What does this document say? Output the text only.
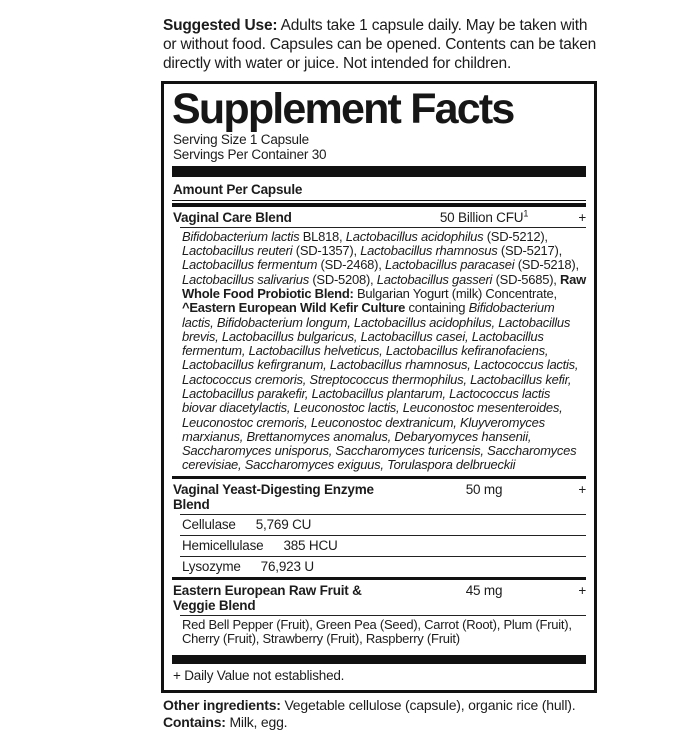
Suggested Use: Adults take 1 capsule daily. May be taken with or without food. Capsules can be opened. Contents can be taken directly with water or juice. Not intended for children.

Supplement Facts
Serving Size 1 Capsule
Servings Per Container 30
Amount Per Capsule
Vaginal Care Blend	50 Billion $CFU^1$	+
Bifidobacterium lactis BL818, Lactobacillus acidophilus (SD-5212), Lactobacillus reuteri (SD-1357), Lactobacillus rhamnosus (SD-5217), Lactobacillus fermentum (SD-2468), Lactobacillus paracasei (SD-5218), Lactobacillus salivarius (SD-5208), Lactobacillus gasseri (SD-5685), Raw Whole Food Probiotic Blend: Bulgarian Yogurt (milk) Concentrate, ^Eastern European Wild Kefir Culture containing Bifidobacterium lactis, Bifidobacterium longum, Lactobacillus acidophilus, Lactobacillus brevis, Lactobacillus bulgaricus, Lactobacillus casei, Lactobacillus fermentum, Lactobacillus helveticus, Lactobacillus kefiranofaciens, Lactobacillus kefirgranum, Lactobacillus rhamnosus, Lactococcus lactis, Lactococcus cremoris, Streptococcus thermophilus, Lactobacillus kefir, Lactobacillus parakefir, Lactobacillus plantarum, Lactococcus lactis biovar diacetylactis, Leuconostoc lactis, Leuconostoc mesenteroides, Leuconostoc cremoris, Leuconostoc dextranicum, Kluyveromyces marxianus, Brettanomyces anomalus, Debaryomyces hansenii, Saccharomyces unisporus, Saccharomyces turicensis, Saccharomyces cerevisiae, Saccharomyces exiguus, Torulaspora delbrueckii
Vaginal Yeast-Digesting Enzyme Blend
50 mg	+
Cellulase 5,769 CU
Hemicellulase 385 HCU
Lysozyme 76,923 U
Eastern European Raw Fruit & Veggie Blend
45 mg	+
Red Bell Pepper (Fruit), Green Pea (Seed), Carrot (Root), Plum (Fruit), Cherry (Fruit), Strawberry (Fruit), Raspberry (Fruit)
+ Daily Value not established.

Other ingredients: Vegetable cellulose (capsule), organic rice (hull).
Contains: Milk, egg.
